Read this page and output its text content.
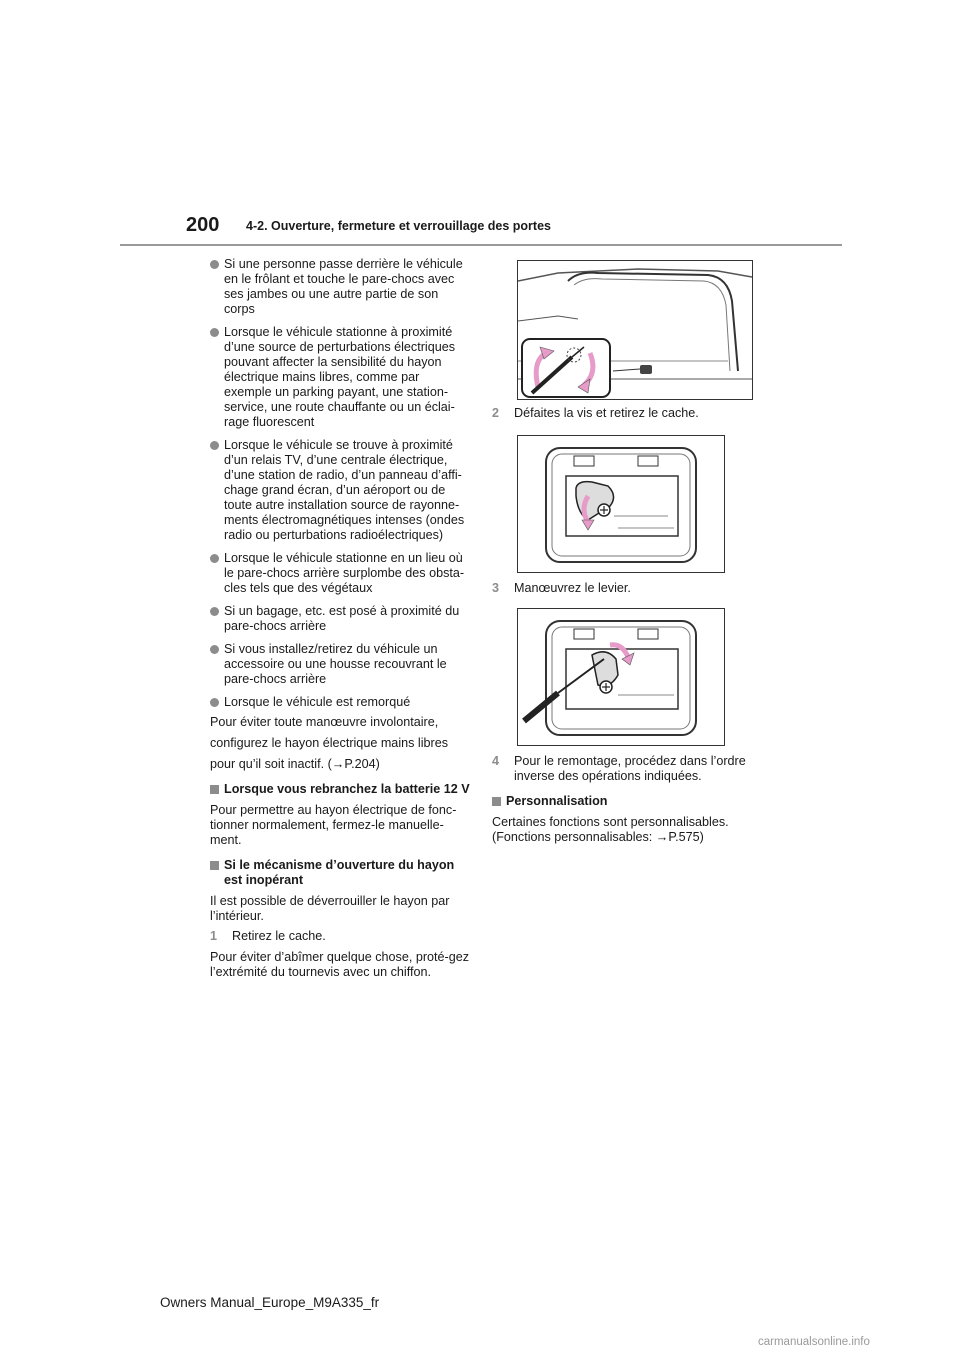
200 4-2. Ouverture, fermeture et verrouillage des portes
Si une personne passe derrière le véhicule en le frôlant et touche le pare-chocs avec ses jambes ou une autre partie de son corps
Lorsque le véhicule stationne à proximité d’une source de perturbations électriques pouvant affecter la sensibilité du hayon électrique mains libres, comme par exemple un parking payant, une station-service, une route chauffante ou un éclai-rage fluorescent
Lorsque le véhicule se trouve à proximité d’un relais TV, d’une centrale électrique, d’une station de radio, d’un panneau d’affi-chage grand écran, d’un aéroport ou de toute autre installation source de rayonne-ments électromagnétiques intenses (ondes radio ou perturbations radioélectriques)
Lorsque le véhicule stationne en un lieu où le pare-chocs arrière surplombe des obsta-cles tels que des végétaux
Si un bagage, etc. est posé à proximité du pare-chocs arrière
Si vous installez/retirez du véhicule un accessoire ou une housse recouvrant le pare-chocs arrière
Lorsque le véhicule est remorqué

Pour éviter toute manœuvre involontaire,

configurez le hayon électrique mains libres

pour qu’il soit inactif. (→P.204)

Lorsque vous rebranchez la batterie 12 V

Pour permettre au hayon électrique de fonc-tionner normalement, fermez-le manuelle-ment.

Si le mécanisme d’ouverture du hayon est inopérant

Il est possible de déverrouiller le hayon par l’intérieur.

1 Retirez le cache.

Pour éviter d’abîmer quelque chose, proté-gez l’extrémité du tournevis avec un chiffon.

2 Défaites la vis et retirez le cache.
3 Manœuvrez le levier.
4 Pour le remontage, procédez dans l’ordre inverse des opérations indiquées.
Personnalisation

Certaines fonctions sont personnalisables. (Fonctions personnalisables: →P.575)

Owners Manual_Europe_M9A335_fr
carmanualsonline.info
